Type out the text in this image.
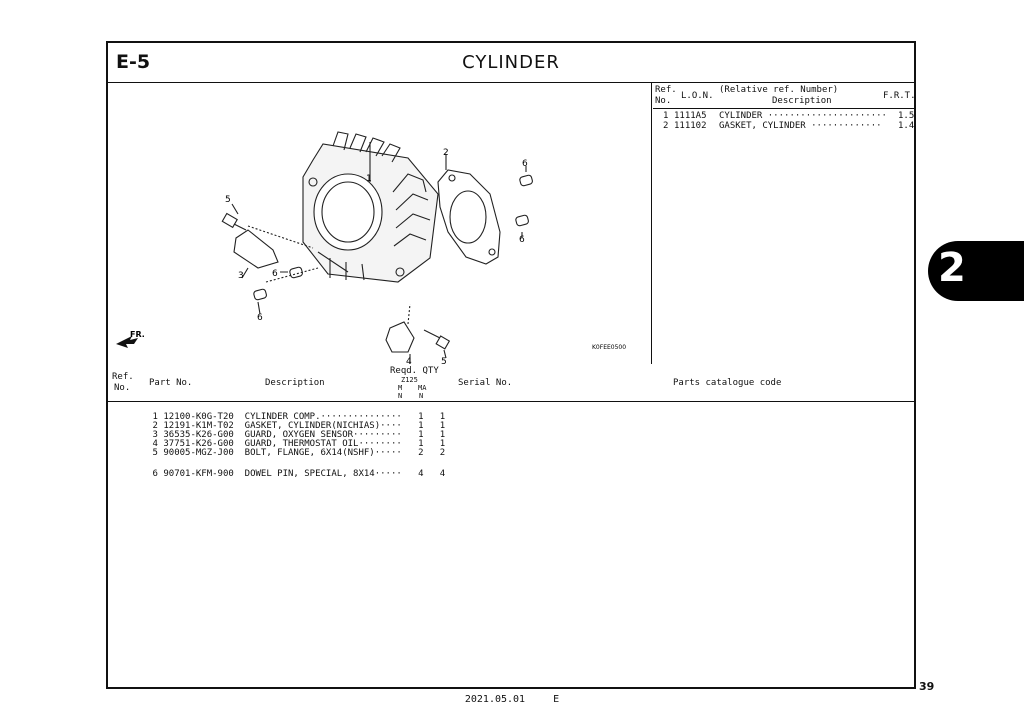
E-5	CYLINDER
1
2
3
4
5
5
6
6
6
6
FR.
K0FEE0500
Ref.
No. L.O.N.
(Relative ref. Number)
Description	F.R.T.
1 1111A5 CYLINDER ······················ 1.5
2 111102 GASKET, CYLINDER ············· 1.4
Ref.
No. Part No.	Description
Reqd. QTY
Z125
M MA
N N
Serial No.	Parts catalogue code

1 12100-K0G-T20 CYLINDER COMP.··············· 1 1

2 12191-K1M-T02 GASKET, CYLINDER(NICHIAS)···· 1 1

3 36535-K26-G00 GUARD, OXYGEN SENSOR········· 1 1

4 37751-K26-G00 GUARD, THERMOSTAT OIL········ 1 1

5 90005-MGZ-J00 BOLT, FLANGE, 6X14(NSHF)····· 2 2

6 90701-KFM-900 DOWEL PIN, SPECIAL, 8X14····· 4 4

2
39
2021.05.01	E
